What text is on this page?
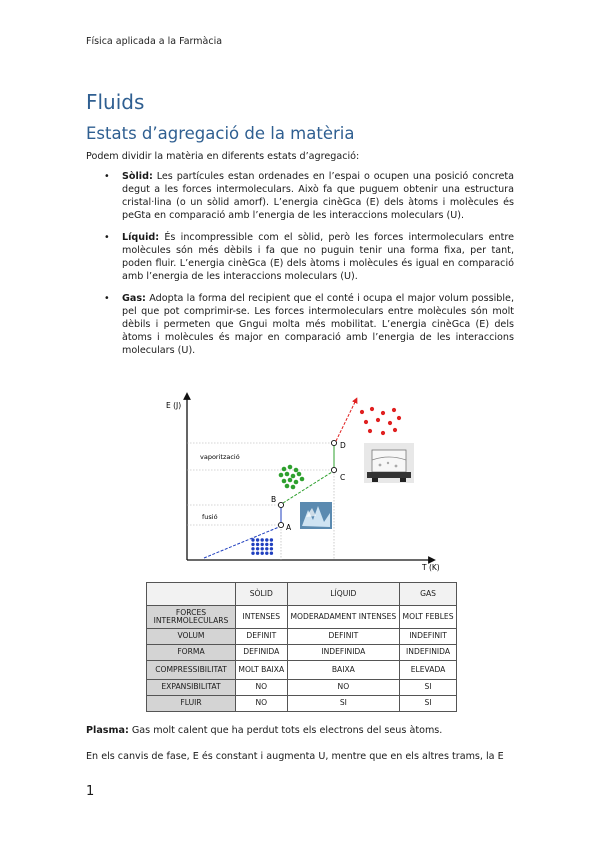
Física aplicada a la Farmàcia
Fluids
Estats d’agregació de la matèria
Podem dividir la matèria en diferents estats d’agregació:
• Sòlid: Les partícules estan ordenades en l’espai o ocupen una posició concreta degut a les forces intermoleculars. Això fa que puguem obtenir una estructura cristal·lina (o un sòlid amorf). L’energia cinèGca (E) dels àtoms i molècules és peGta en comparació amb l’energia de les interaccions moleculars (U).
• Líquid: És incompressible com el sòlid, però les forces intermoleculars entre molècules són més dèbils i fa que no puguin tenir una forma fixa, per tant, poden fluir. L’energia cinèGca (E) dels àtoms i molècules és igual en comparació amb l’energia de les interaccions moleculars (U).
• Gas: Adopta la forma del recipient que el conté i ocupa el major volum possible, pel que pot comprimir-se. Les forces intermoleculars entre molècules són molt dèbils i permeten que Gngui molta més mobilitat. L’energia cinèGca (E) dels àtoms i molècules és major en comparació amb l’energia de les interaccions moleculars (U).
E (J)
T (K)
vaporització
fusió
A
B
C
D
	SÒLID	LÍQUID	GAS
FORCES INTERMOLECULARS	INTENSES	MODERADAMENT INTENSES	MOLT FEBLES
VOLUM	DEFINIT	DEFINIT	INDEFINIT
FORMA	DEFINIDA	INDEFINIDA	INDEFINIDA
COMPRESSIBILITAT	MOLT BAIXA	BAIXA	ELEVADA
EXPANSIBILITAT	NO	NO	SI
FLUIR	NO	SI	SI
Plasma: Gas molt calent que ha perdut tots els electrons del seus àtoms.
En els canvis de fase, E és constant i augmenta U, mentre que en els altres trams, la E
1
